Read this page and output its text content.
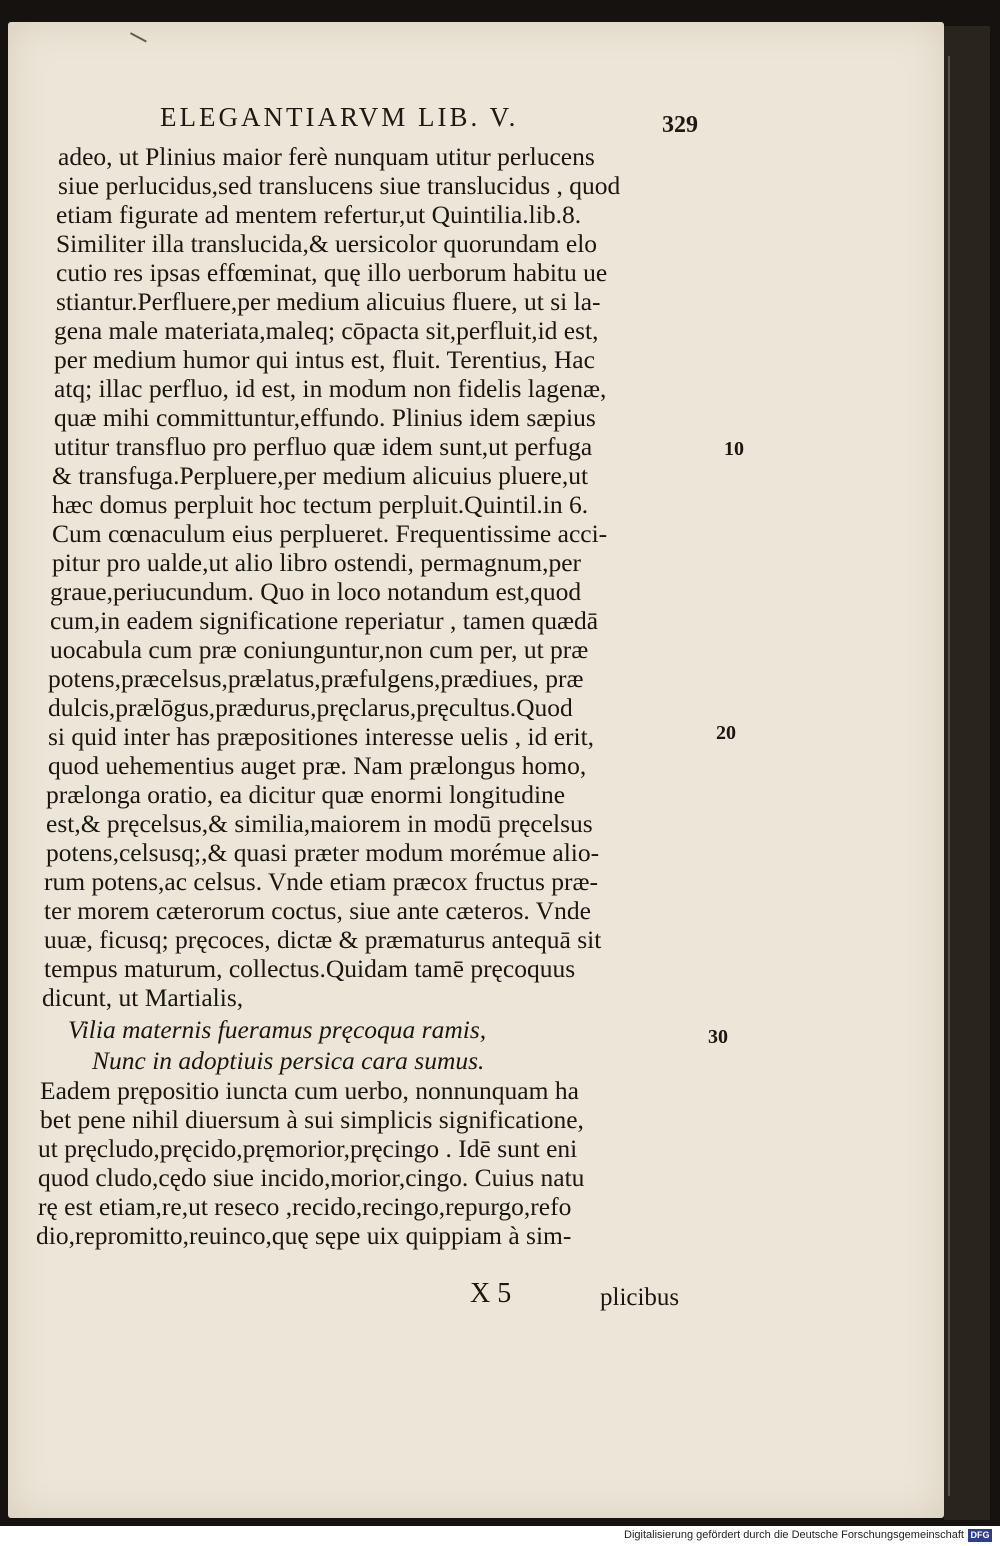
ELEGANTIARVM LIB. V.	329
adeo, ut Plinius maior ferè nunquam utitur perlucens
siue perlucidus,sed translucens siue translucidus , quod
etiam figurate ad mentem refertur,ut Quintilia.lib.8.
Similiter illa translucida,& uersicolor quorundam elo
cutio res ipsas effœminat, quę illo uerborum habitu ue
stiantur.Perfluere,per medium alicuius fluere, ut si la-
gena male materiata,maleq; cōpacta sit,perfluit,id est,
per medium humor qui intus est, fluit. Terentius, Hac
atq; illac perfluo, id est, in modum non fidelis lagenæ,
quæ mihi committuntur,effundo. Plinius idem sæpius
utitur transfluo pro perfluo quæ idem sunt,ut perfuga
& transfuga.Perpluere,per medium alicuius pluere,ut
hæc domus perpluit hoc tectum perpluit.Quintil.in 6.
Cum cœnaculum eius perplueret. Frequentissime acci-
pitur pro ualde,ut alio libro ostendi, permagnum,per
graue,periucundum. Quo in loco notandum est,quod
cum,in eadem significatione reperiatur , tamen quædā
uocabula cum præ coniunguntur,non cum per, ut præ
potens,præcelsus,prælatus,præfulgens,prædiues, præ
dulcis,prælōgus,prædurus,pręclarus,pręcultus.Quod
si quid inter has præpositiones interesse uelis , id erit,
quod uehementius auget præ. Nam prælongus homo,
prælonga oratio, ea dicitur quæ enormi longitudine
est,& pręcelsus,& similia,maiorem in modū pręcelsus
potens,celsusq;,& quasi præter modum morémue alio-
rum potens,ac celsus. Vnde etiam præcox fructus præ-
ter morem cæterorum coctus, siue ante cæteros. Vnde
uuæ, ficusq; pręcoces, dictæ & præmaturus antequā sit
tempus maturum, collectus.Quidam tamē pręcoquus
dicunt, ut Martialis,
Vilia maternis fueramus pręcoqua ramis,
Nunc in adoptiuis persica cara sumus.
Eadem prępositio iuncta cum uerbo, nonnunquam ha
bet pene nihil diuersum à sui simplicis significatione,
ut pręcludo,pręcido,pręmorior,pręcingo . Idē sunt eni
quod cludo,cędo siue incido,morior,cingo. Cuius natu
rę est etiam,re,ut reseco ,recido,recingo,repurgo,refo
dio,repromitto,reuinco,quę sępe uix quippiam à sim-
10
20
30
X 5	plicibus
Digitalisierung gefördert durch die Deutsche Forschungsgemeinschaft DFG
